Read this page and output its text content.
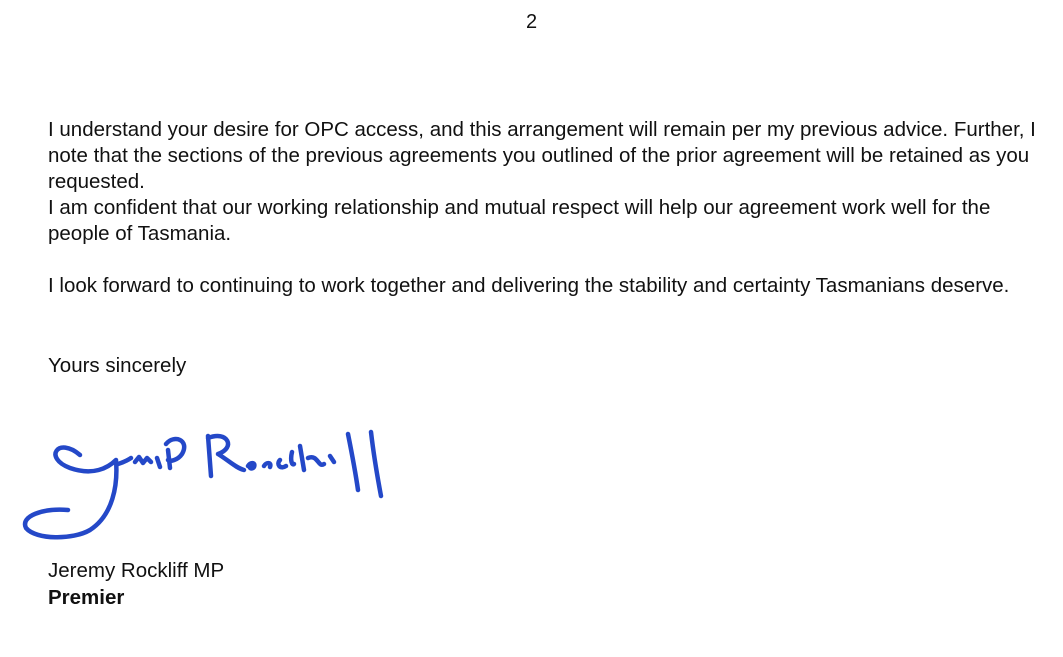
2

I understand your desire for OPC access, and this arrangement will remain per my previous advice. Further, I note that the sections of the previous agreements you outlined of the prior agreement will be retained as you requested.
I am confident that our working relationship and mutual respect will help our agreement work well for the people of Tasmania.

I look forward to continuing to work together and delivering the stability and certainty Tasmanians deserve.

Yours sincerely

Jeremy Rockliff MP
Premier
